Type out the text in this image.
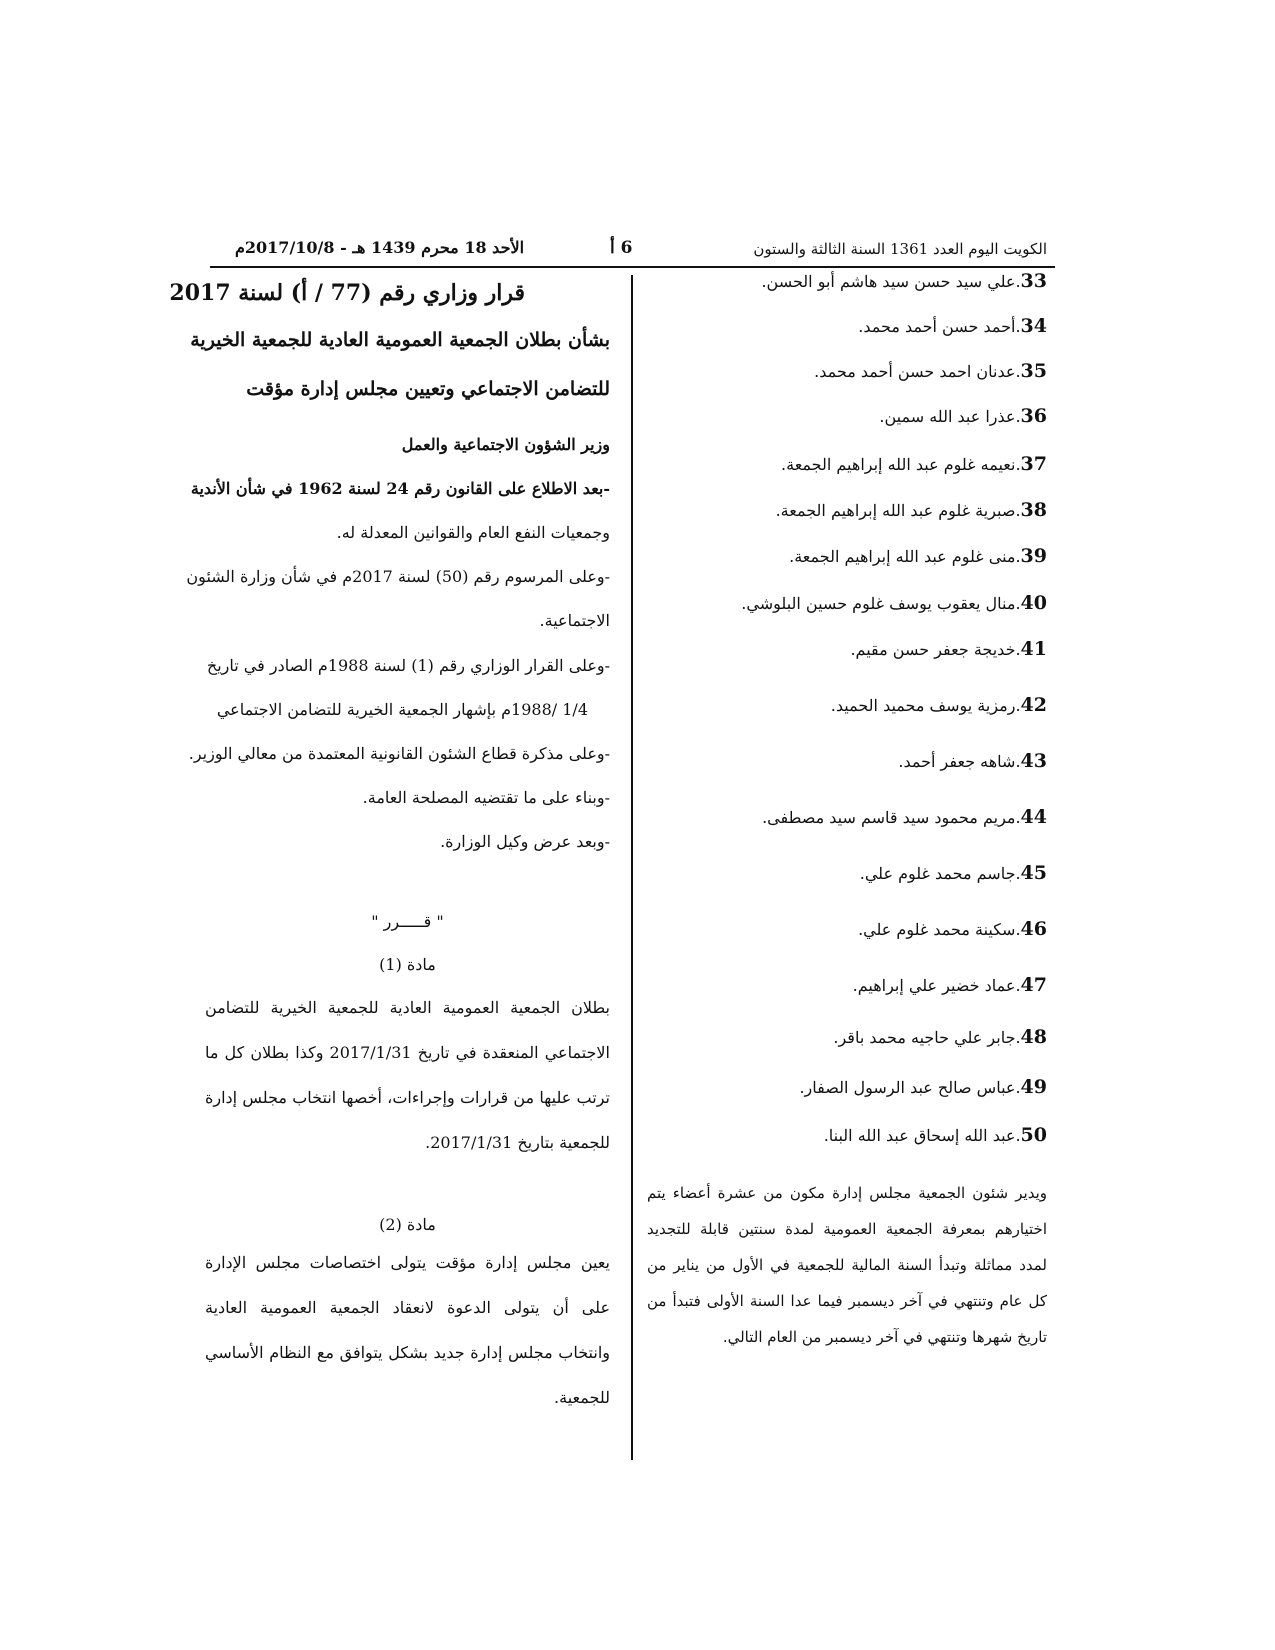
الكويت اليوم العدد 1361 السنة الثالثة والستون
6 أ
الأحد 18 محرم 1439 هـ - 2017/10/8م
33.علي سيد حسن سيد هاشم أبو الحسن.
34.أحمد حسن أحمد محمد.
35.عدنان احمد حسن أحمد محمد.
36.عذرا عبد الله سمين.
37.نعيمه غلوم عبد الله إبراهيم الجمعة.
38.صبرية غلوم عبد الله إبراهيم الجمعة.
39.منى غلوم عبد الله إبراهيم الجمعة.
40.منال يعقوب يوسف غلوم حسين البلوشي.
41.خديجة جعفر حسن مقيم.
42.رمزية يوسف محميد الحميد.
43.شاهه جعفر أحمد.
44.مريم محمود سيد قاسم سيد مصطفى.
45.جاسم محمد غلوم علي.
46.سكينة محمد غلوم علي.
47.عماد خضير علي إبراهيم.
48.جابر علي حاجيه محمد باقر.
49.عباس صالح عبد الرسول الصفار.
50.عبد الله إسحاق عبد الله البنا.
ويدير شئون الجمعية مجلس إدارة مكون من عشرة أعضاء يتم اختيارهم بمعرفة الجمعية العمومية لمدة سنتين قابلة للتجديد لمدد مماثلة وتبدأ السنة المالية للجمعية في الأول من يناير من كل عام وتنتهي في آخر ديسمبر فيما عدا السنة الأولى فتبدأ من تاريخ شهرها وتنتهي في آخر ديسمبر من العام التالي.
قرار وزاري رقم (77 / أ) لسنة 2017
بشأن بطلان الجمعية العمومية العادية للجمعية الخيرية
للتضامن الاجتماعي وتعيين مجلس إدارة مؤقت
وزير الشؤون الاجتماعية والعمل
-بعد الاطلاع على القانون رقم 24 لسنة 1962 في شأن الأندية
وجمعيات النفع العام والقوانين المعدلة له.
-وعلى المرسوم رقم (50) لسنة 2017م في شأن وزارة الشئون
الاجتماعية.
-وعلى القرار الوزاري رقم (1) لسنة 1988م الصادر في تاريخ
1/4 /1988م بإشهار الجمعية الخيرية للتضامن الاجتماعي
-وعلى مذكرة قطاع الشئون القانونية المعتمدة من معالي الوزير.
-وبناء على ما تقتضيه المصلحة العامة.
-وبعد عرض وكيل الوزارة.
" قـــــرر "
مادة (1)
بطلان الجمعية العمومية العادية للجمعية الخيرية للتضامن الاجتماعي المنعقدة في تاريخ 2017/1/31 وكذا بطلان كل ما ترتب عليها من قرارات وإجراءات، أخصها انتخاب مجلس إدارة للجمعية بتاريخ 2017/1/31.
مادة (2)
يعين مجلس إدارة مؤقت يتولى اختصاصات مجلس الإدارة على أن يتولى الدعوة لانعقاد الجمعية العمومية العادية وانتخاب مجلس إدارة جديد بشكل يتوافق مع النظام الأساسي للجمعية.
